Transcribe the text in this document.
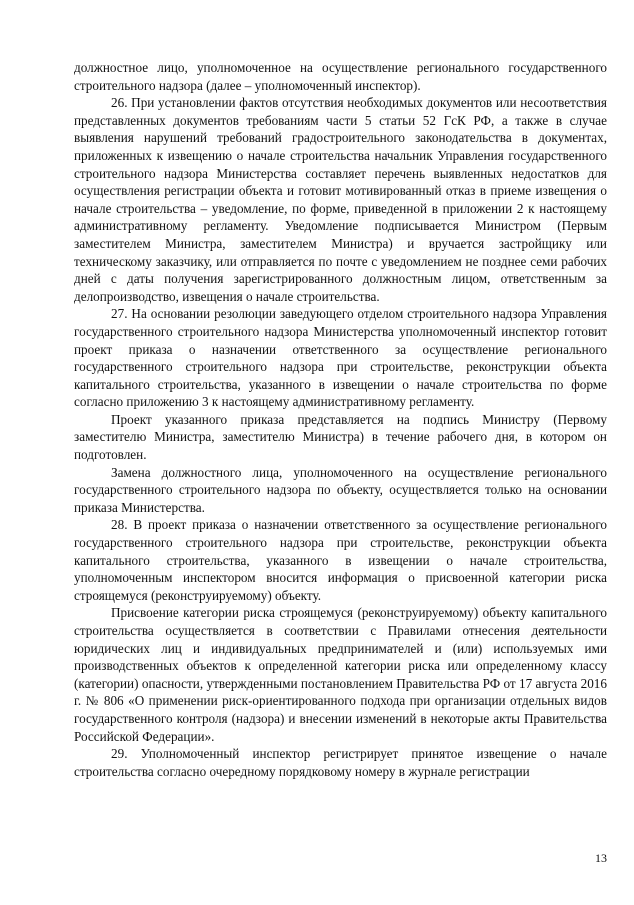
должностное лицо, уполномоченное на осуществление регионального государственного строительного надзора (далее – уполномоченный инспектор).

26. При установлении фактов отсутствия необходимых документов или несоответствия представленных документов требованиям части 5 статьи 52 ГсК РФ, а также в случае выявления нарушений требований градостроительного законодательства в документах, приложенных к извещению о начале строительства начальник Управления государственного строительного надзора Министерства составляет перечень выявленных недостатков для осуществления регистрации объекта и готовит мотивированный отказ в приеме извещения о начале строительства – уведомление, по форме, приведенной в приложении 2 к настоящему административному регламенту. Уведомление подписывается Министром (Первым заместителем Министра, заместителем Министра) и вручается застройщику или техническому заказчику, или отправляется по почте с уведомлением не позднее семи рабочих дней с даты получения зарегистрированного должностным лицом, ответственным за делопроизводство, извещения о начале строительства.

27. На основании резолюции заведующего отделом строительного надзора Управления государственного строительного надзора Министерства уполномоченный инспектор готовит проект приказа о назначении ответственного за осуществление регионального государственного строительного надзора при строительстве, реконструкции объекта капитального строительства, указанного в извещении о начале строительства по форме согласно приложению 3 к настоящему административному регламенту.

Проект указанного приказа представляется на подпись Министру (Первому заместителю Министра, заместителю Министра) в течение рабочего дня, в котором он подготовлен.

Замена должностного лица, уполномоченного на осуществление регионального государственного строительного надзора по объекту, осуществляется только на основании приказа Министерства.

28. В проект приказа о назначении ответственного за осуществление регионального государственного строительного надзора при строительстве, реконструкции объекта капитального строительства, указанного в извещении о начале строительства, уполномоченным инспектором вносится информация о присвоенной категории риска строящемуся (реконструируемому) объекту.

Присвоение категории риска строящемуся (реконструируемому) объекту капитального строительства осуществляется в соответствии с Правилами отнесения деятельности юридических лиц и индивидуальных предпринимателей и (или) используемых ими производственных объектов к определенной категории риска или определенному классу (категории) опасности, утвержденными постановлением Правительства РФ от 17 августа 2016 г. № 806 «О применении риск-ориентированного подхода при организации отдельных видов государственного контроля (надзора) и внесении изменений в некоторые акты Правительства Российской Федерации».

29. Уполномоченный инспектор регистрирует принятое извещение о начале строительства согласно очередному порядковому номеру в журнале регистрации

13
